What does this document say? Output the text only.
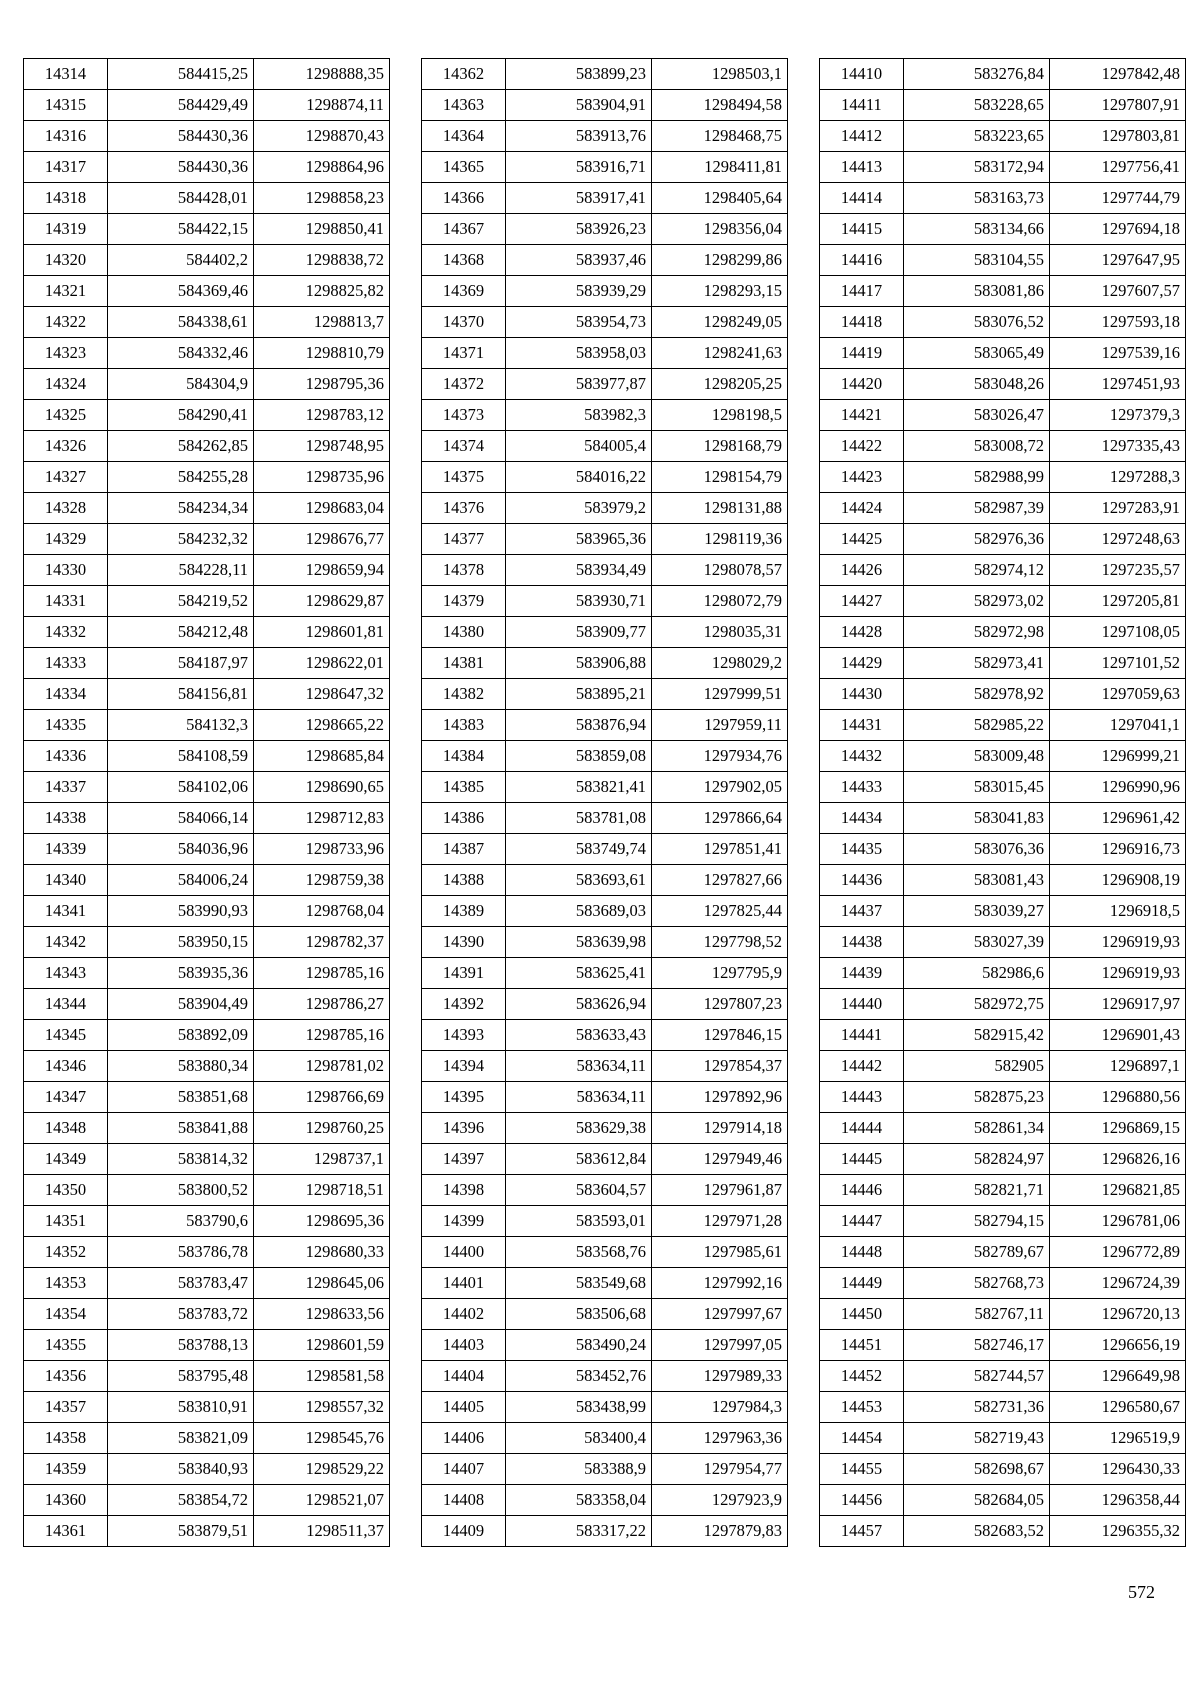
14314	584415,25	1298888,35
14315	584429,49	1298874,11
14316	584430,36	1298870,43
14317	584430,36	1298864,96
14318	584428,01	1298858,23
14319	584422,15	1298850,41
14320	584402,2	1298838,72
14321	584369,46	1298825,82
14322	584338,61	1298813,7
14323	584332,46	1298810,79
14324	584304,9	1298795,36
14325	584290,41	1298783,12
14326	584262,85	1298748,95
14327	584255,28	1298735,96
14328	584234,34	1298683,04
14329	584232,32	1298676,77
14330	584228,11	1298659,94
14331	584219,52	1298629,87
14332	584212,48	1298601,81
14333	584187,97	1298622,01
14334	584156,81	1298647,32
14335	584132,3	1298665,22
14336	584108,59	1298685,84
14337	584102,06	1298690,65
14338	584066,14	1298712,83
14339	584036,96	1298733,96
14340	584006,24	1298759,38
14341	583990,93	1298768,04
14342	583950,15	1298782,37
14343	583935,36	1298785,16
14344	583904,49	1298786,27
14345	583892,09	1298785,16
14346	583880,34	1298781,02
14347	583851,68	1298766,69
14348	583841,88	1298760,25
14349	583814,32	1298737,1
14350	583800,52	1298718,51
14351	583790,6	1298695,36
14352	583786,78	1298680,33
14353	583783,47	1298645,06
14354	583783,72	1298633,56
14355	583788,13	1298601,59
14356	583795,48	1298581,58
14357	583810,91	1298557,32
14358	583821,09	1298545,76
14359	583840,93	1298529,22
14360	583854,72	1298521,07
14361	583879,51	1298511,37
14362	583899,23	1298503,1
14363	583904,91	1298494,58
14364	583913,76	1298468,75
14365	583916,71	1298411,81
14366	583917,41	1298405,64
14367	583926,23	1298356,04
14368	583937,46	1298299,86
14369	583939,29	1298293,15
14370	583954,73	1298249,05
14371	583958,03	1298241,63
14372	583977,87	1298205,25
14373	583982,3	1298198,5
14374	584005,4	1298168,79
14375	584016,22	1298154,79
14376	583979,2	1298131,88
14377	583965,36	1298119,36
14378	583934,49	1298078,57
14379	583930,71	1298072,79
14380	583909,77	1298035,31
14381	583906,88	1298029,2
14382	583895,21	1297999,51
14383	583876,94	1297959,11
14384	583859,08	1297934,76
14385	583821,41	1297902,05
14386	583781,08	1297866,64
14387	583749,74	1297851,41
14388	583693,61	1297827,66
14389	583689,03	1297825,44
14390	583639,98	1297798,52
14391	583625,41	1297795,9
14392	583626,94	1297807,23
14393	583633,43	1297846,15
14394	583634,11	1297854,37
14395	583634,11	1297892,96
14396	583629,38	1297914,18
14397	583612,84	1297949,46
14398	583604,57	1297961,87
14399	583593,01	1297971,28
14400	583568,76	1297985,61
14401	583549,68	1297992,16
14402	583506,68	1297997,67
14403	583490,24	1297997,05
14404	583452,76	1297989,33
14405	583438,99	1297984,3
14406	583400,4	1297963,36
14407	583388,9	1297954,77
14408	583358,04	1297923,9
14409	583317,22	1297879,83
14410	583276,84	1297842,48
14411	583228,65	1297807,91
14412	583223,65	1297803,81
14413	583172,94	1297756,41
14414	583163,73	1297744,79
14415	583134,66	1297694,18
14416	583104,55	1297647,95
14417	583081,86	1297607,57
14418	583076,52	1297593,18
14419	583065,49	1297539,16
14420	583048,26	1297451,93
14421	583026,47	1297379,3
14422	583008,72	1297335,43
14423	582988,99	1297288,3
14424	582987,39	1297283,91
14425	582976,36	1297248,63
14426	582974,12	1297235,57
14427	582973,02	1297205,81
14428	582972,98	1297108,05
14429	582973,41	1297101,52
14430	582978,92	1297059,63
14431	582985,22	1297041,1
14432	583009,48	1296999,21
14433	583015,45	1296990,96
14434	583041,83	1296961,42
14435	583076,36	1296916,73
14436	583081,43	1296908,19
14437	583039,27	1296918,5
14438	583027,39	1296919,93
14439	582986,6	1296919,93
14440	582972,75	1296917,97
14441	582915,42	1296901,43
14442	582905	1296897,1
14443	582875,23	1296880,56
14444	582861,34	1296869,15
14445	582824,97	1296826,16
14446	582821,71	1296821,85
14447	582794,15	1296781,06
14448	582789,67	1296772,89
14449	582768,73	1296724,39
14450	582767,11	1296720,13
14451	582746,17	1296656,19
14452	582744,57	1296649,98
14453	582731,36	1296580,67
14454	582719,43	1296519,9
14455	582698,67	1296430,33
14456	582684,05	1296358,44
14457	582683,52	1296355,32
572
